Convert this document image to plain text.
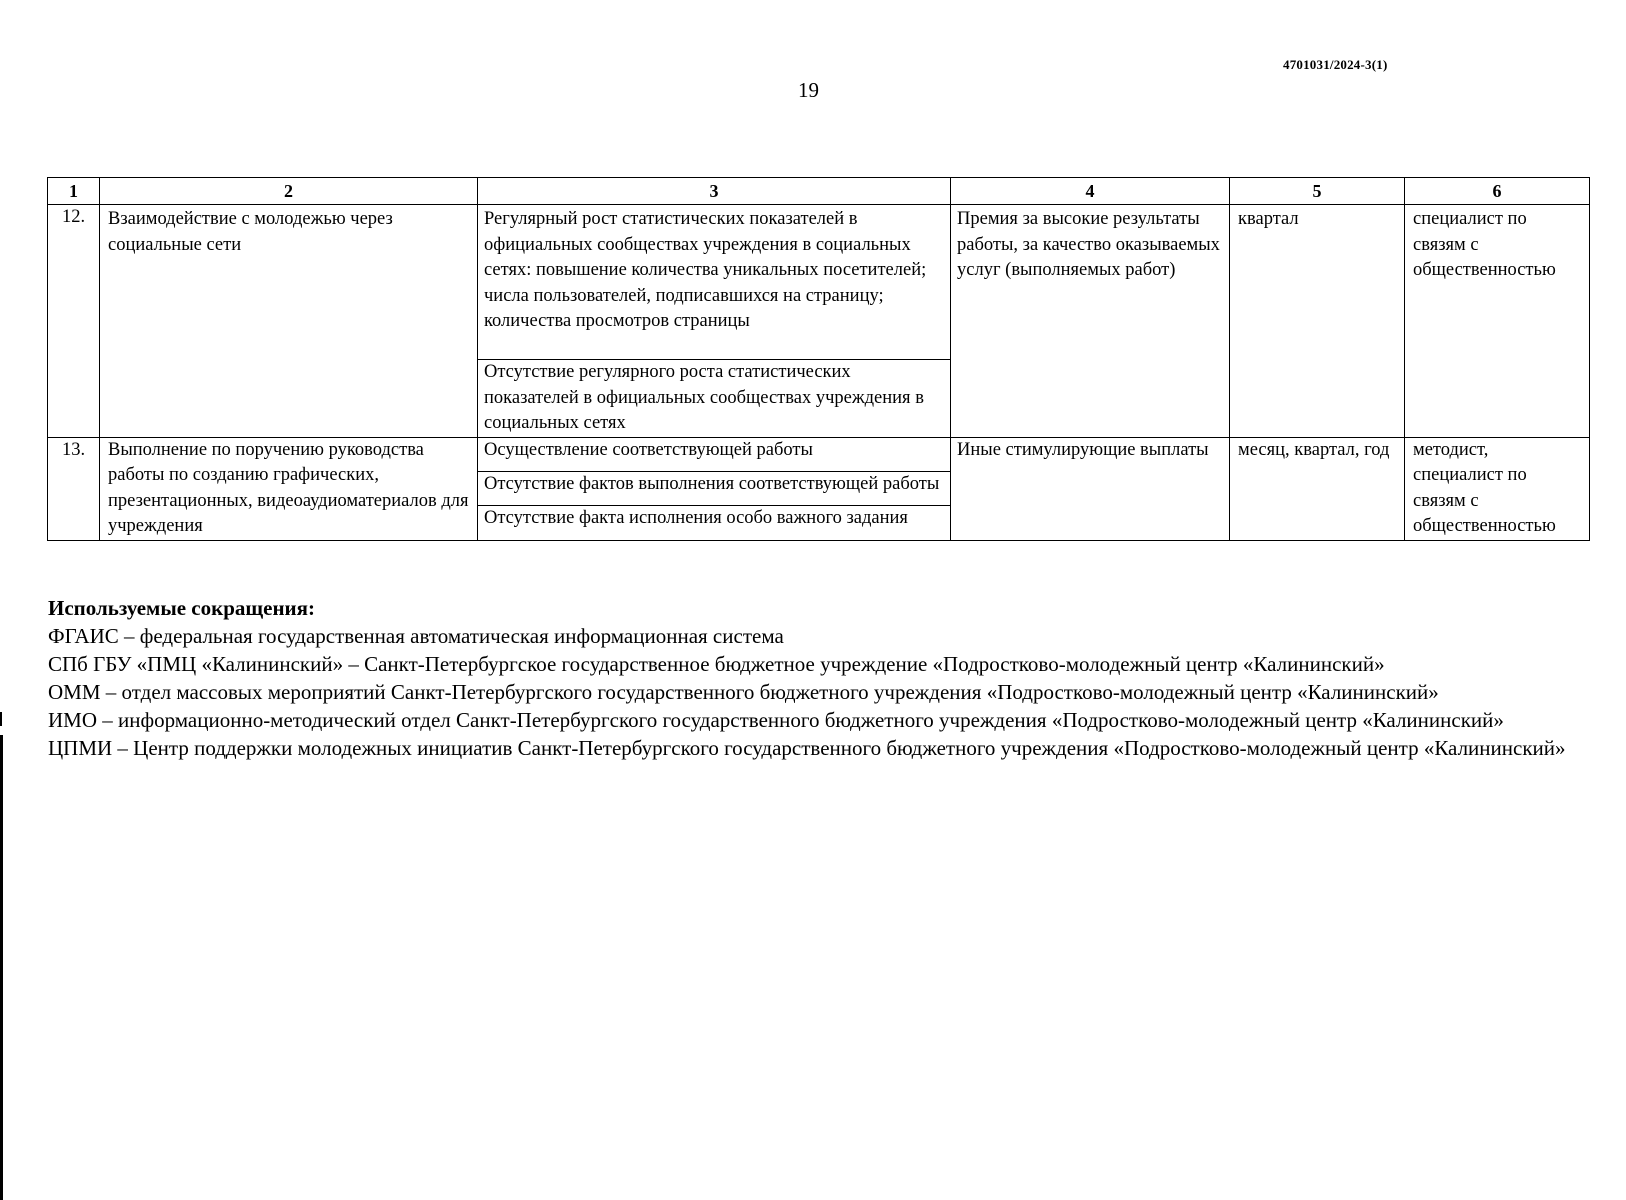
4701031/2024-3(1)
19
1	2	3	4	5	6
12.	Взаимодействие с молодежью через социальные сети	Регулярный рост статистических показателей в официальных сообществах учреждения в социальных сетях: повышение количества уникальных посетителей; числа пользователей, подписавшихся на страницу; количества просмотров страницы	Премия за высокие результаты работы, за качество оказываемых услуг (выполняемых работ)	квартал	специалист по связям с общественностью
		Отсутствие регулярного роста статистических показателей в официальных сообществах учреждения в социальных сетях			
13.	Выполнение по поручению руководства работы по созданию графических, презентационных, видеоаудиоматериалов для учреждения	Осуществление соответствующей работы	Иные стимулирующие выплаты	месяц, квартал, год	методист, специалист по связям с общественностью
		Отсутствие фактов выполнения соответствующей работы			
		Отсутствие факта исполнения особо важного задания			

Используемые сокращения:

ФГАИС – федеральная государственная автоматическая информационная система

СПб ГБУ «ПМЦ «Калининский» – Санкт-Петербургское государственное бюджетное учреждение «Подростково-молодежный центр «Калининский»

ОММ – отдел массовых мероприятий Санкт-Петербургского государственного бюджетного учреждения «Подростково-молодежный центр «Калининский»

ИМО – информационно-методический отдел Санкт-Петербургского государственного бюджетного учреждения «Подростково-молодежный центр «Калининский»

ЦПМИ – Центр поддержки молодежных инициатив Санкт-Петербургского государственного бюджетного учреждения «Подростково-молодежный центр «Калининский»
